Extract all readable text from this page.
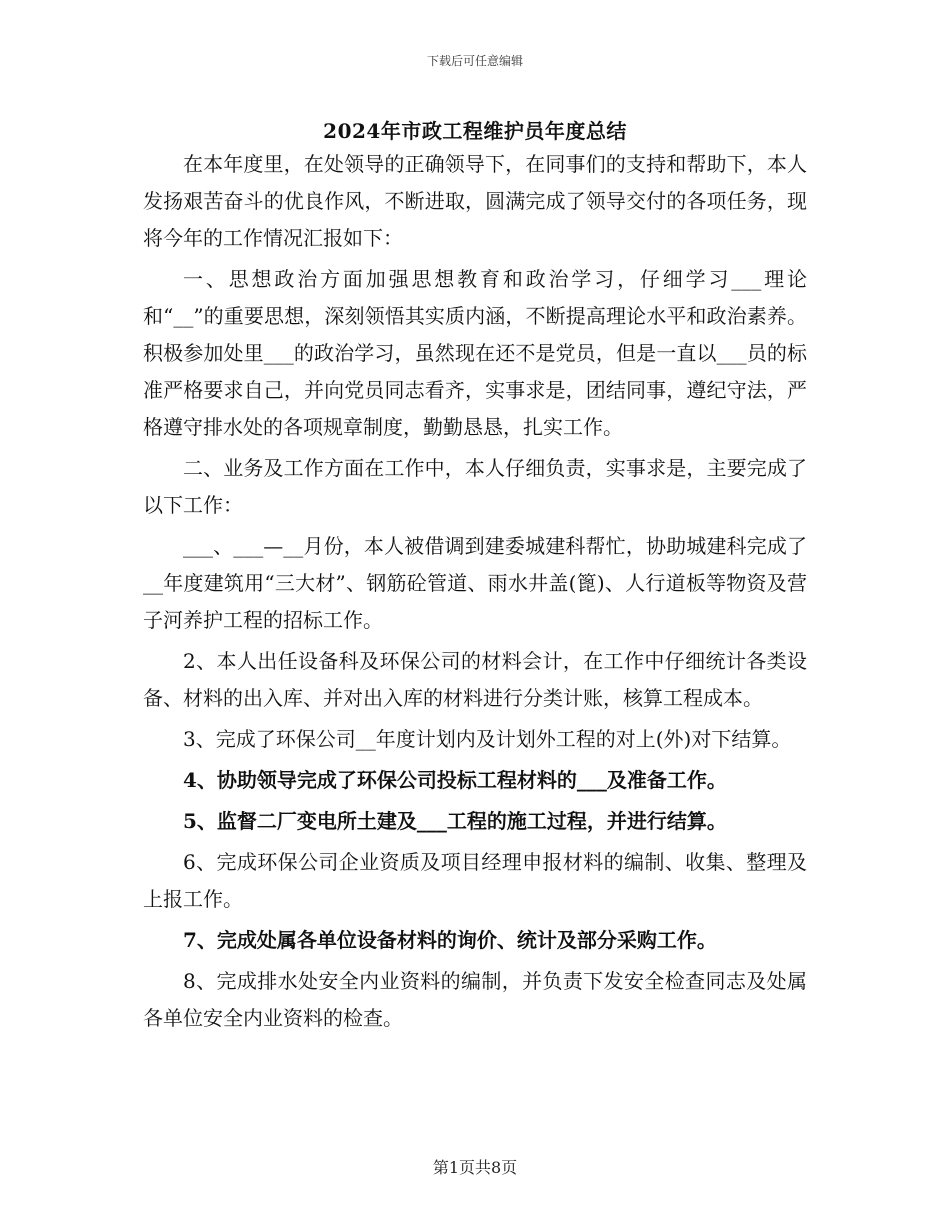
下载后可任意编辑
2024年市政工程维护员年度总结

在本年度里，在处领导的正确领导下，在同事们的支持和帮助下，本人发扬艰苦奋斗的优良作风，不断进取，圆满完成了领导交付的各项任务，现将今年的工作情况汇报如下：

一、思想政治方面加强思想教育和政治学习，仔细学习___理论和“__”的重要思想，深刻领悟其实质内涵，不断提高理论水平和政治素养。积极参加处里___的政治学习，虽然现在还不是党员，但是一直以___员的标准严格要求自己，并向党员同志看齐，实事求是，团结同事，遵纪守法，严格遵守排水处的各项规章制度，勤勤恳恳，扎实工作。

二、业务及工作方面在工作中，本人仔细负责，实事求是，主要完成了以下工作：

___、___—__月份，本人被借调到建委城建科帮忙，协助城建科完成了__年度建筑用“三大材”、钢筋砼管道、雨水井盖(篦)、人行道板等物资及营子河养护工程的招标工作。

2、本人出任设备科及环保公司的材料会计，在工作中仔细统计各类设备、材料的出入库、并对出入库的材料进行分类计账，核算工程成本。

3、完成了环保公司__年度计划内及计划外工程的对上(外)对下结算。

4、协助领导完成了环保公司投标工程材料的___及准备工作。

5、监督二厂变电所土建及___工程的施工过程，并进行结算。

6、完成环保公司企业资质及项目经理申报材料的编制、收集、整理及上报工作。

7、完成处属各单位设备材料的询价、统计及部分采购工作。

8、完成排水处安全内业资料的编制，并负责下发安全检查同志及处属各单位安全内业资料的检查。

第1页共8页
